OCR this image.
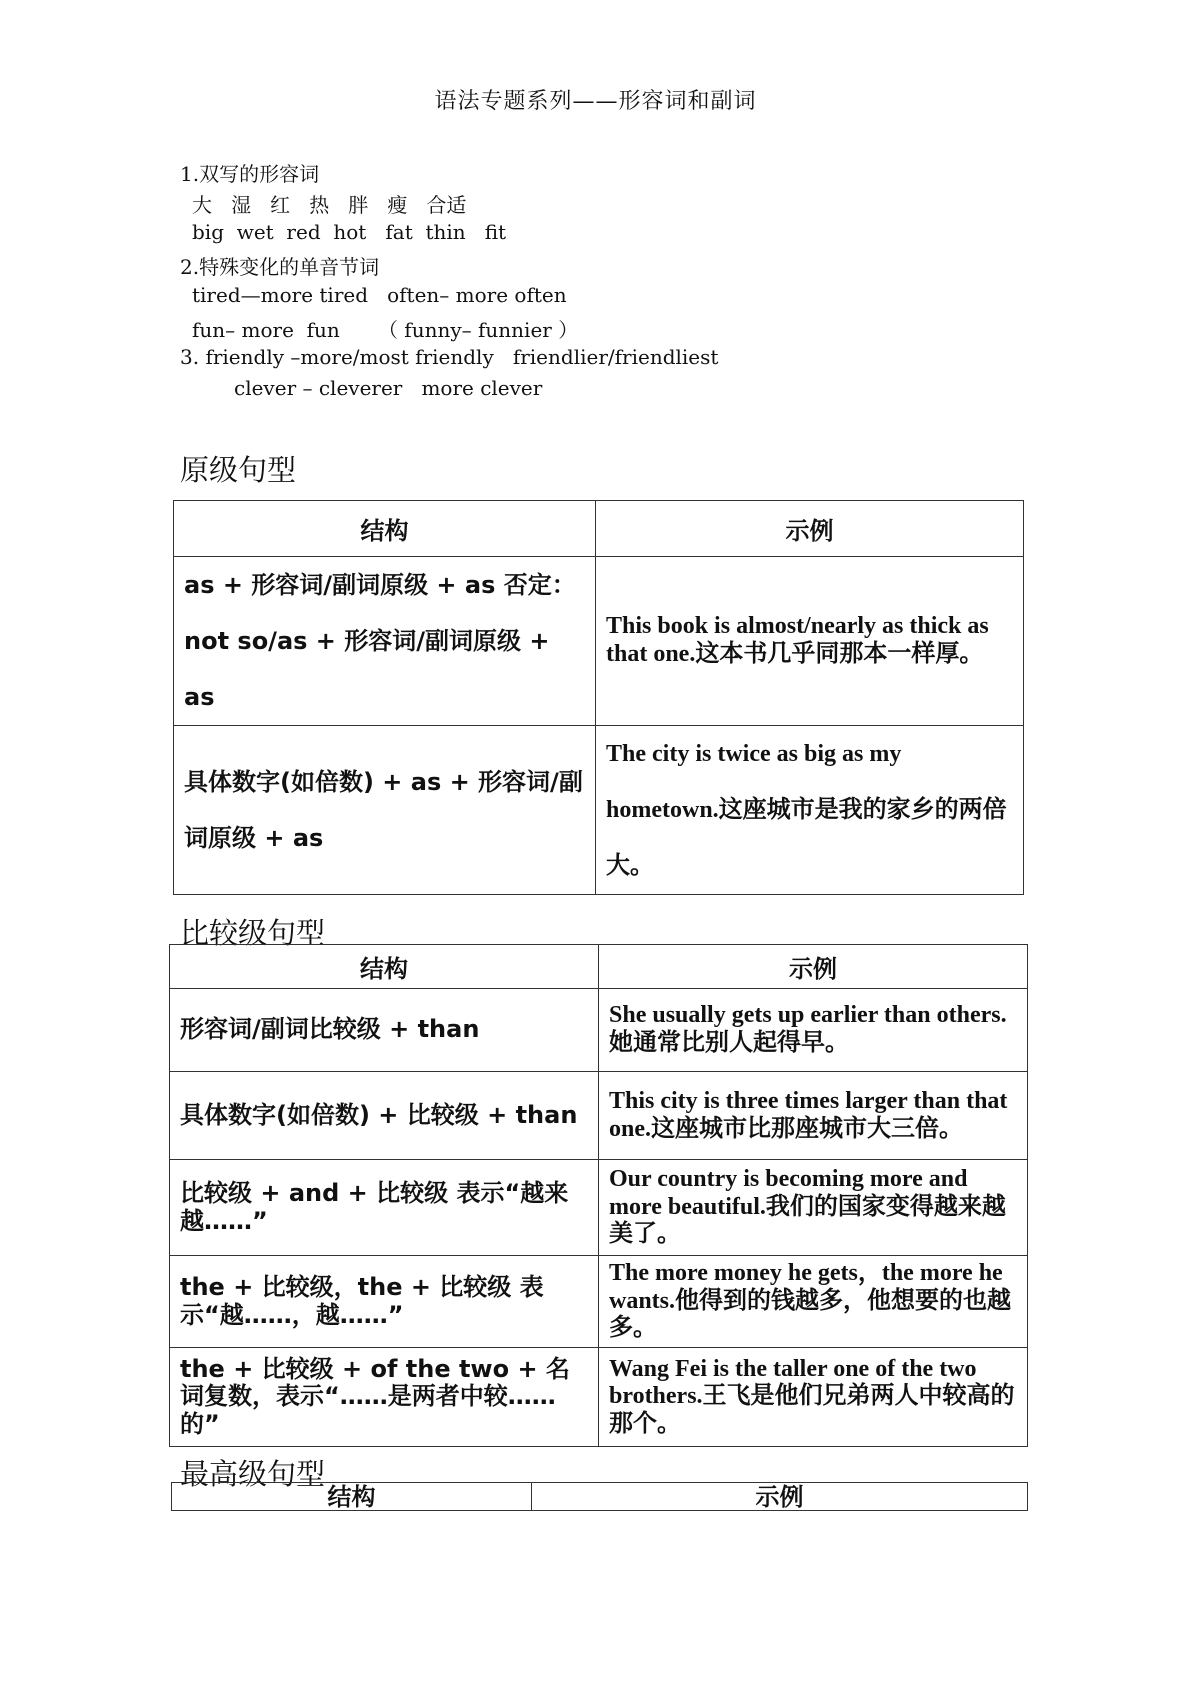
语法专题系列——形容词和副词
1.双写的形容词
大   湿   红   热   胖   瘦   合适
big  wet  red  hot   fat  thin   fit
2.特殊变化的单音节词
tired—more tired   often– more often
fun– more  fun      （ funny– funnier ）
3. friendly –more/most friendly   friendlier/friendliest
clever – cleverer   more clever
原级句型
结构	示例
as + 形容词/副词原级 + as 否定：not so/as + 形容词/副词原级 + as	This book is almost/nearly as thick as that one.这本书几乎同那本一样厚。
具体数字(如倍数) + as + 形容词/副词原级 + as	The city is twice as big as my hometown.这座城市是我的家乡的两倍大。
比较级句型
结构	示例
形容词/副词比较级 + than	She usually gets up earlier than others.她通常比别人起得早。
具体数字(如倍数) + 比较级 + than	This city is three times larger than that one.这座城市比那座城市大三倍。
比较级 + and + 比较级 表示“越来越……”	Our country is becoming more and more beautiful.我们的国家变得越来越美了。
the + 比较级，the + 比较级 表示“越……，越……”	The more money he gets，the more he wants.他得到的钱越多，他想要的也越多。
the + 比较级 + of the two + 名词复数，表示“……是两者中较……的”	Wang Fei is the taller one of the two brothers.王飞是他们兄弟两人中较高的那个。
最高级句型
结构	示例
